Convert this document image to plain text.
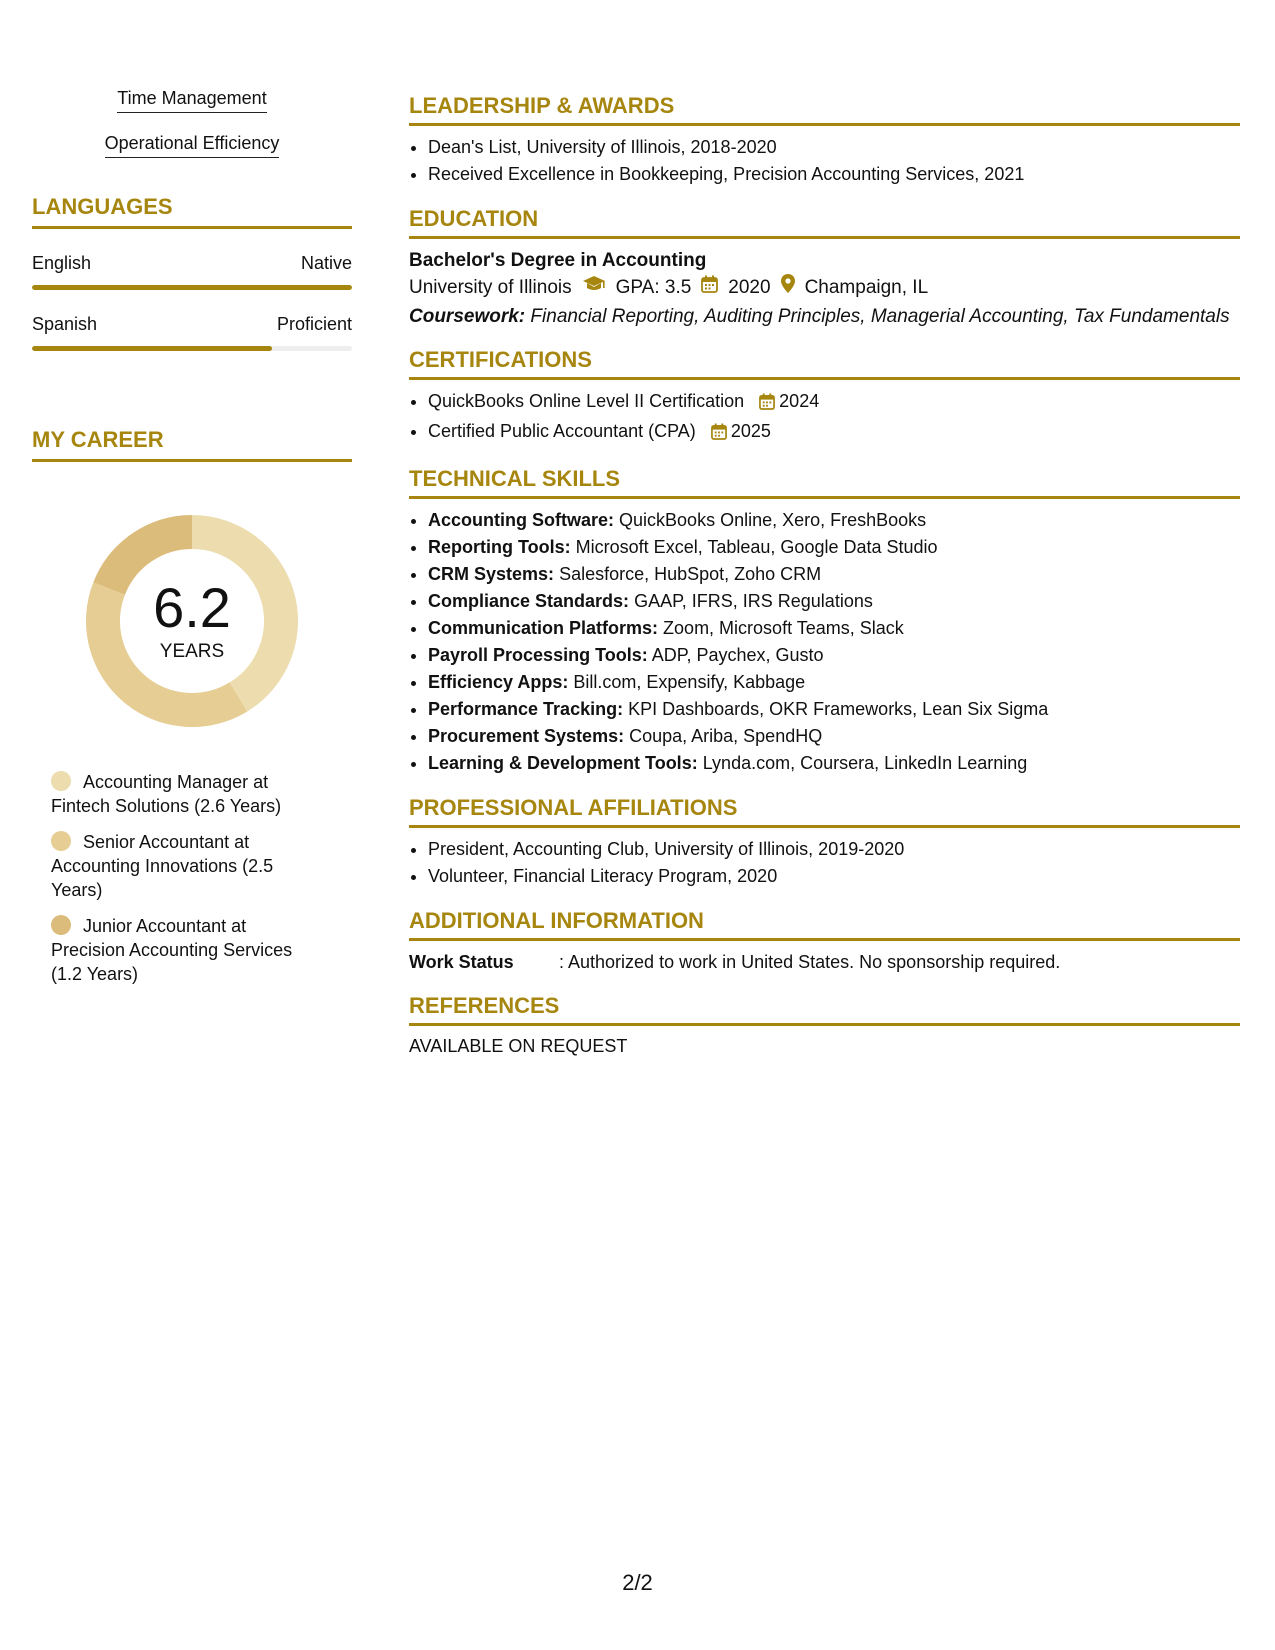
Time Management
Operational Efficiency
LANGUAGES
English	Native
Spanish	Proficient
MY CAREER
6.2
YEARS
Accounting Manager at Fintech Solutions (2.6 Years)
Senior Accountant at Accounting Innovations (2.5 Years)
Junior Accountant at Precision Accounting Services (1.2 Years)
LEADERSHIP & AWARDS
• Dean's List, University of Illinois, 2018-2020
• Received Excellence in Bookkeeping, Precision Accounting Services, 2021
EDUCATION
Bachelor's Degree in Accounting
University of Illinois GPA: 3.5 2020 Champaign, IL
Coursework: Financial Reporting, Auditing Principles, Managerial Accounting, Tax Fundamentals
CERTIFICATIONS
• QuickBooks Online Level II Certification 2024
• Certified Public Accountant (CPA) 2025
TECHNICAL SKILLS
• Accounting Software: QuickBooks Online, Xero, FreshBooks
• Reporting Tools: Microsoft Excel, Tableau, Google Data Studio
• CRM Systems: Salesforce, HubSpot, Zoho CRM
• Compliance Standards: GAAP, IFRS, IRS Regulations
• Communication Platforms: Zoom, Microsoft Teams, Slack
• Payroll Processing Tools: ADP, Paychex, Gusto
• Efficiency Apps: Bill.com, Expensify, Kabbage
• Performance Tracking: KPI Dashboards, OKR Frameworks, Lean Six Sigma
• Procurement Systems: Coupa, Ariba, SpendHQ
• Learning & Development Tools: Lynda.com, Coursera, LinkedIn Learning
PROFESSIONAL AFFILIATIONS
• President, Accounting Club, University of Illinois, 2019-2020
• Volunteer, Financial Literacy Program, 2020
ADDITIONAL INFORMATION
Work Status	: Authorized to work in United States. No sponsorship required.
REFERENCES
AVAILABLE ON REQUEST
2/2
